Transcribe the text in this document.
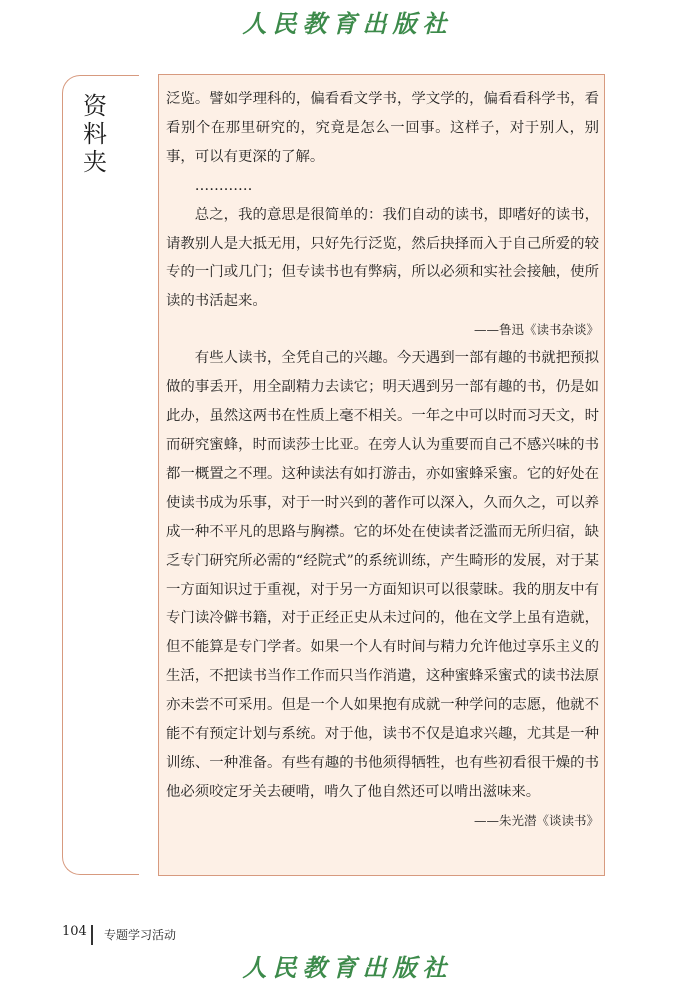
人民教育出版社
资
料
夹

泛览。譬如学理科的，偏看看文学书，学文学的，偏看看科学书，看看别个在那里研究的，究竟是怎么一回事。这样子，对于别人，别事，可以有更深的了解。

…………

总之，我的意思是很简单的：我们自动的读书，即嗜好的读书，请教别人是大抵无用，只好先行泛览，然后抉择而入于自己所爱的较专的一门或几门；但专读书也有弊病，所以必须和实社会接触，使所读的书活起来。

——鲁迅《读书杂谈》

有些人读书，全凭自己的兴趣。今天遇到一部有趣的书就把预拟做的事丢开，用全副精力去读它；明天遇到另一部有趣的书，仍是如此办，虽然这两书在性质上毫不相关。一年之中可以时而习天文，时而研究蜜蜂，时而读莎士比亚。在旁人认为重要而自己不感兴味的书都一概置之不理。这种读法有如打游击，亦如蜜蜂采蜜。它的好处在使读书成为乐事，对于一时兴到的著作可以深入，久而久之，可以养成一种不平凡的思路与胸襟。它的坏处在使读者泛滥而无所归宿，缺乏专门研究所必需的“经院式”的系统训练，产生畸形的发展，对于某一方面知识过于重视，对于另一方面知识可以很蒙昧。我的朋友中有专门读冷僻书籍，对于正经正史从未过问的，他在文学上虽有造就，但不能算是专门学者。如果一个人有时间与精力允许他过享乐主义的生活，不把读书当作工作而只当作消遣，这种蜜蜂采蜜式的读书法原亦未尝不可采用。但是一个人如果抱有成就一种学问的志愿，他就不能不有预定计划与系统。对于他，读书不仅是追求兴趣，尤其是一种训练、一种准备。有些有趣的书他须得牺牲，也有些初看很干燥的书他必须咬定牙关去硬啃，啃久了他自然还可以啃出滋味来。

——朱光潜《谈读书》

104 专题学习活动
人民教育出版社
